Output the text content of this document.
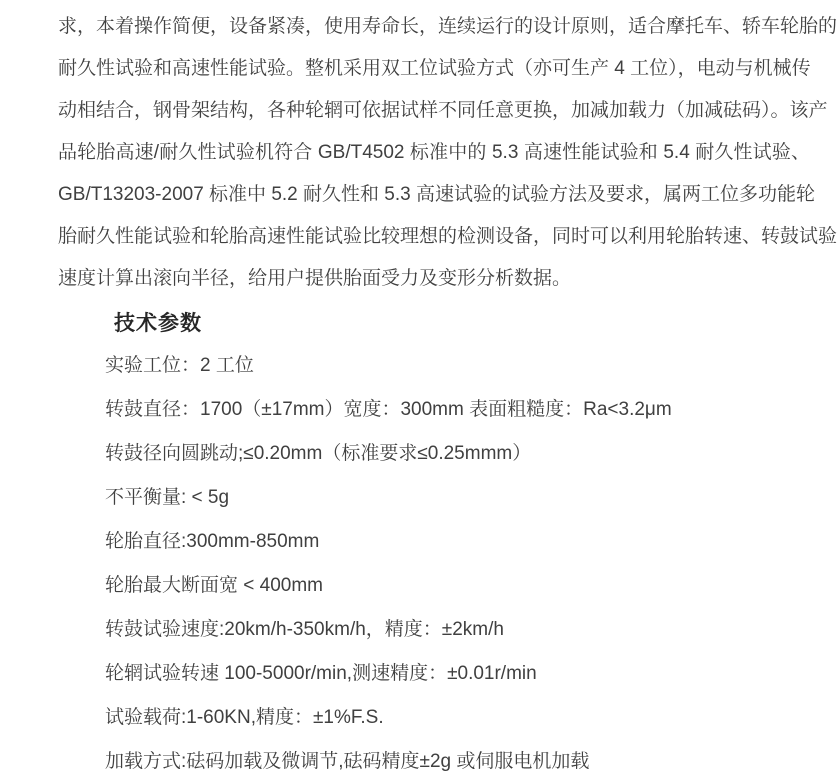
求，本着操作简便，设备紧凑，使用寿命长，连续运行的设计原则，适合摩托车、轿车轮胎的
耐久性试验和高速性能试验。整机采用双工位试验方式（亦可生产 4 工位），电动与机械传
动相结合，钢骨架结构，各种轮辋可依据试样不同任意更换，加减加载力（加减砝码）。该产
品轮胎高速/耐久性试验机符合 GB/T4502 标准中的 5.3 高速性能试验和 5.4 耐久性试验、
GB/T13203-2007 标准中 5.2 耐久性和 5.3 高速试验的试验方法及要求，属两工位多功能轮
胎耐久性能试验和轮胎高速性能试验比较理想的检测设备，同时可以利用轮胎转速、转鼓试验
速度计算出滚向半径，给用户提供胎面受力及变形分析数据。
技术参数
实验工位：2 工位
转鼓直径：1700（±17mm）宽度：300mm 表面粗糙度：Ra<3.2μm
转鼓径向圆跳动;≤0.20mm（标准要求≤0.25mmm）
不平衡量: < 5g
轮胎直径:300mm-850mm
轮胎最大断面宽 < 400mm
转鼓试验速度:20km/h-350km/h，精度：±2km/h
轮辋试验转速 100-5000r/min,测速精度：±0.01r/min
试验载荷:1-60KN,精度：±1%F.S.
加载方式:砝码加载及微调节,砝码精度±2g 或伺服电机加载
